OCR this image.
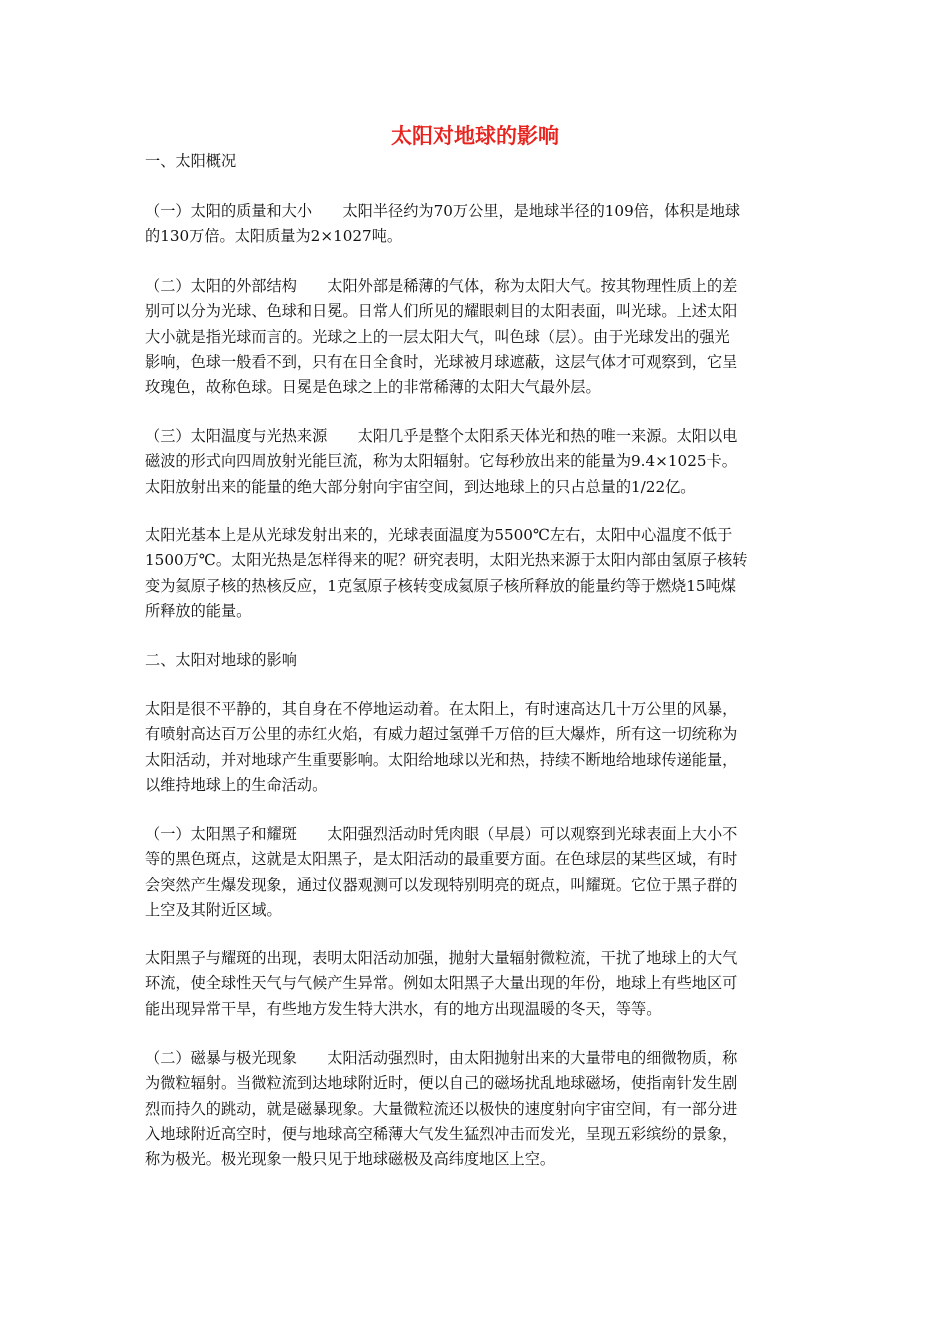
太阳对地球的影响
一、太阳概况
（一）太阳的质量和大小　　太阳半径约为70万公里，是地球半径的109倍，体积是地球
的130万倍。太阳质量为2×1027吨。
（二）太阳的外部结构　　太阳外部是稀薄的气体，称为太阳大气。按其物理性质上的差
别可以分为光球、色球和日冕。日常人们所见的耀眼刺目的太阳表面，叫光球。上述太阳
大小就是指光球而言的。光球之上的一层太阳大气，叫色球（层）。由于光球发出的强光
影响，色球一般看不到，只有在日全食时，光球被月球遮蔽，这层气体才可观察到，它呈
玫瑰色，故称色球。日冕是色球之上的非常稀薄的太阳大气最外层。
（三）太阳温度与光热来源　　太阳几乎是整个太阳系天体光和热的唯一来源。太阳以电
磁波的形式向四周放射光能巨流，称为太阳辐射。它每秒放出来的能量为9.4×1025卡。
太阳放射出来的能量的绝大部分射向宇宙空间，到达地球上的只占总量的1/22亿。
太阳光基本上是从光球发射出来的，光球表面温度为5500℃左右，太阳中心温度不低于
1500万℃。太阳光热是怎样得来的呢？研究表明，太阳光热来源于太阳内部由氢原子核转
变为氦原子核的热核反应，1克氢原子核转变成氦原子核所释放的能量约等于燃烧15吨煤
所释放的能量。
二、太阳对地球的影响
太阳是很不平静的，其自身在不停地运动着。在太阳上，有时速高达几十万公里的风暴，
有喷射高达百万公里的赤红火焰，有威力超过氢弹千万倍的巨大爆炸，所有这一切统称为
太阳活动，并对地球产生重要影响。太阳给地球以光和热，持续不断地给地球传递能量，
以维持地球上的生命活动。
（一）太阳黑子和耀斑　　太阳强烈活动时凭肉眼（早晨）可以观察到光球表面上大小不
等的黑色斑点，这就是太阳黑子，是太阳活动的最重要方面。在色球层的某些区域，有时
会突然产生爆发现象，通过仪器观测可以发现特别明亮的斑点，叫耀斑。它位于黑子群的
上空及其附近区域。
太阳黑子与耀斑的出现，表明太阳活动加强，抛射大量辐射微粒流，干扰了地球上的大气
环流，使全球性天气与气候产生异常。例如太阳黑子大量出现的年份，地球上有些地区可
能出现异常干旱，有些地方发生特大洪水，有的地方出现温暖的冬天，等等。
（二）磁暴与极光现象　　太阳活动强烈时，由太阳抛射出来的大量带电的细微物质，称
为微粒辐射。当微粒流到达地球附近时，便以自己的磁场扰乱地球磁场，使指南针发生剧
烈而持久的跳动，就是磁暴现象。大量微粒流还以极快的速度射向宇宙空间，有一部分进
入地球附近高空时，便与地球高空稀薄大气发生猛烈冲击而发光，呈现五彩缤纷的景象，
称为极光。极光现象一般只见于地球磁极及高纬度地区上空。
